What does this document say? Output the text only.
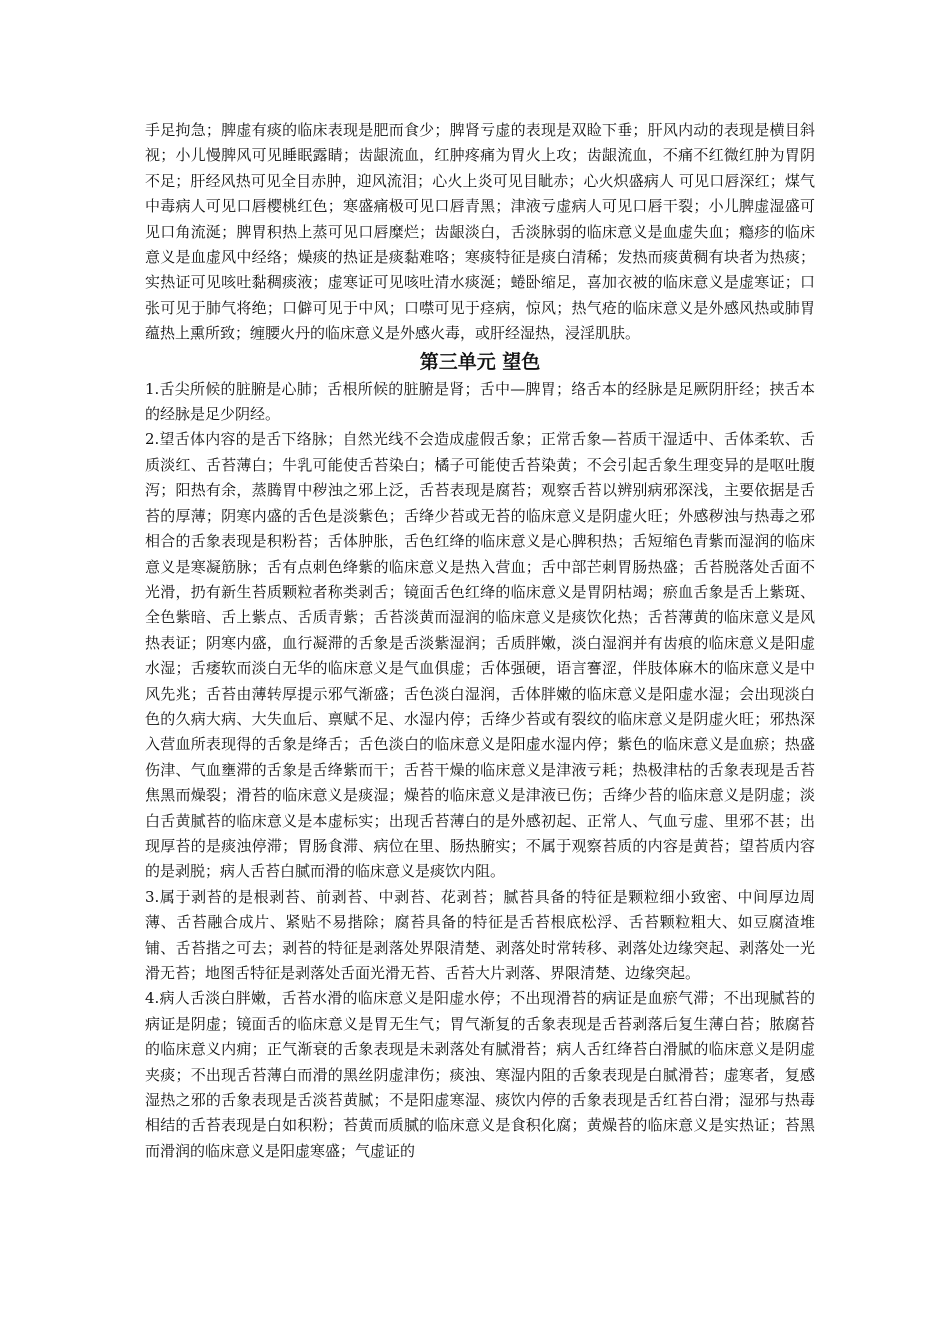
手足拘急；脾虚有痰的临床表现是肥而食少；脾肾亏虚的表现是双睑下垂；肝风内动的表现是横目斜视；小儿慢脾风可见睡眠露睛；齿龈流血，红肿疼痛为胃火上攻；齿龈流血，不痛不红微红肿为胃阴不足；肝经风热可见全目赤肿，迎风流泪；心火上炎可见目眦赤；心火炽盛病人 可见口唇深红；煤气中毒病人可见口唇樱桃红色；寒盛痛极可见口唇青黑；津液亏虚病人可见口唇干裂；小儿脾虚湿盛可见口角流涎；脾胃积热上蒸可见口唇糜烂；齿龈淡白，舌淡脉弱的临床意义是血虚失血；瘾疹的临床意义是血虚风中经络；燥痰的热证是痰黏难咯；寒痰特征是痰白清稀；发热而痰黄稠有块者为热痰；实热证可见咳吐黏稠痰液；虚寒证可见咳吐清水痰涎；蜷卧缩足，喜加衣被的临床意义是虚寒证；口张可见于肺气将绝；口僻可见于中风；口噤可见于痉病，惊风；热气疮的临床意义是外感风热或肺胃蕴热上熏所致；缠腰火丹的临床意义是外感火毒，或肝经湿热，浸淫肌肤。

第三单元 望色

1.舌尖所候的脏腑是心肺；舌根所候的脏腑是肾；舌中—脾胃；络舌本的经脉是足厥阴肝经；挟舌本的经脉是足少阴经。

2.望舌体内容的是舌下络脉；自然光线不会造成虚假舌象；正常舌象—苔质干湿适中、舌体柔软、舌质淡红、舌苔薄白；牛乳可能使舌苔染白；橘子可能使舌苔染黄；不会引起舌象生理变异的是呕吐腹泻；阳热有余，蒸腾胃中秽浊之邪上泛，舌苔表现是腐苔；观察舌苔以辨别病邪深浅，主要依据是舌苔的厚薄；阴寒内盛的舌色是淡紫色；舌绛少苔或无苔的临床意义是阴虚火旺；外感秽浊与热毒之邪相合的舌象表现是积粉苔；舌体肿胀，舌色红绛的临床意义是心脾积热；舌短缩色青紫而湿润的临床意义是寒凝筋脉；舌有点刺色绛紫的临床意义是热入营血；舌中部芒刺胃肠热盛；舌苔脱落处舌面不光滑，扔有新生苔质颗粒者称类剥舌；镜面舌色红绛的临床意义是胃阴枯竭；瘀血舌象是舌上紫斑、全色紫暗、舌上紫点、舌质青紫；舌苔淡黄而湿润的临床意义是痰饮化热；舌苔薄黄的临床意义是风热表证；阴寒内盛，血行凝滞的舌象是舌淡紫湿润；舌质胖嫩，淡白湿润并有齿痕的临床意义是阳虚水湿；舌痿软而淡白无华的临床意义是气血俱虚；舌体强硬，语言謇涩，伴肢体麻木的临床意义是中风先兆；舌苔由薄转厚提示邪气渐盛；舌色淡白湿润，舌体胖嫩的临床意义是阳虚水湿；会出现淡白色的久病大病、大失血后、禀赋不足、水湿内停；舌绛少苔或有裂纹的临床意义是阴虚火旺；邪热深入营血所表现得的舌象是绛舌；舌色淡白的临床意义是阳虚水湿内停；紫色的临床意义是血瘀；热盛伤津、气血壅滞的舌象是舌绛紫而干；舌苔干燥的临床意义是津液亏耗；热极津枯的舌象表现是舌苔焦黑而燥裂；滑苔的临床意义是痰湿；燥苔的临床意义是津液已伤；舌绛少苔的临床意义是阴虚；淡白舌黄腻苔的临床意义是本虚标实；出现舌苔薄白的是外感初起、正常人、气血亏虚、里邪不甚；出现厚苔的是痰浊停滞；胃肠食滞、病位在里、肠热腑实；不属于观察苔质的内容是黄苔；望苔质内容的是剥脱；病人舌苔白腻而滑的临床意义是痰饮内阻。

3.属于剥苔的是根剥苔、前剥苔、中剥苔、花剥苔；腻苔具备的特征是颗粒细小致密、中间厚边周薄、舌苔融合成片、紧贴不易揩除；腐苔具备的特征是舌苔根底松浮、舌苔颗粒粗大、如豆腐渣堆铺、舌苔揩之可去；剥苔的特征是剥落处界限清楚、剥落处时常转移、剥落处边缘突起、剥落处一光滑无苔；地图舌特征是剥落处舌面光滑无苔、舌苔大片剥落、界限清楚、边缘突起。

4.病人舌淡白胖嫩，舌苔水滑的临床意义是阳虚水停；不出现滑苔的病证是血瘀气滞；不出现腻苔的病证是阴虚；镜面舌的临床意义是胃无生气；胃气渐复的舌象表现是舌苔剥落后复生薄白苔；脓腐苔的临床意义内痈；正气渐衰的舌象表现是未剥落处有腻滑苔；病人舌红绛苔白滑腻的临床意义是阴虚夹痰；不出现舌苔薄白而滑的黑丝阴虚津伤；痰浊、寒湿内阻的舌象表现是白腻滑苔；虚寒者，复感湿热之邪的舌象表现是舌淡苔黄腻；不是阳虚寒湿、痰饮内停的舌象表现是舌红苔白滑；湿邪与热毒相结的舌苔表现是白如积粉；苔黄而质腻的临床意义是食积化腐；黄燥苔的临床意义是实热证；苔黑而滑润的临床意义是阳虚寒盛；气虚证的
